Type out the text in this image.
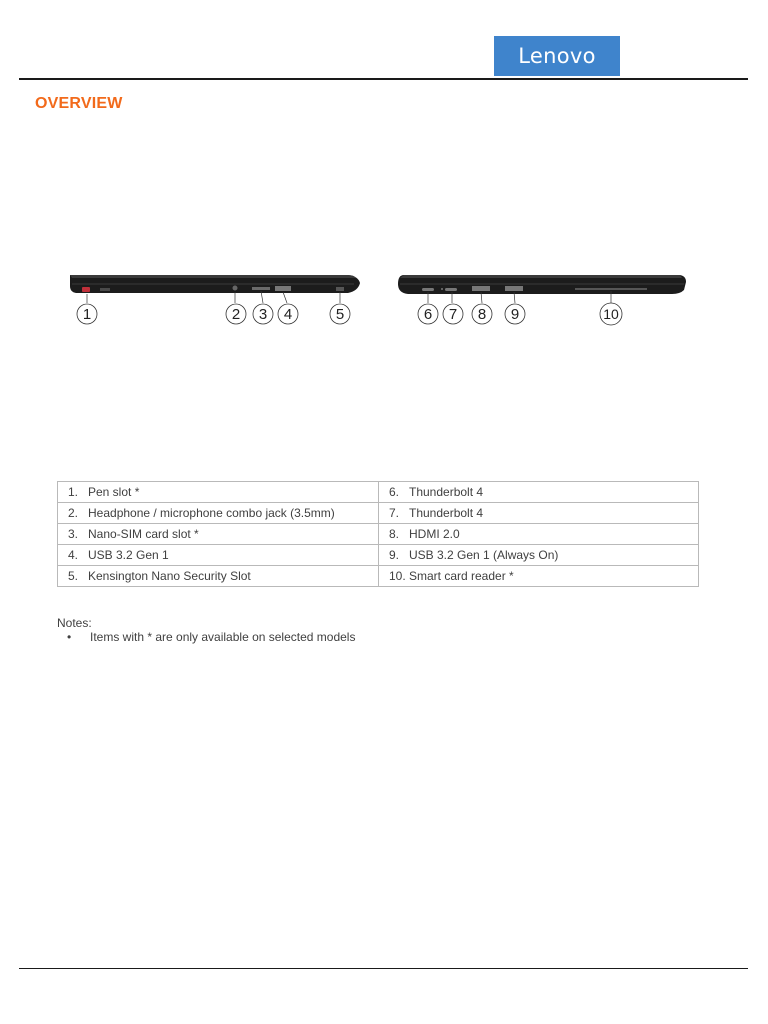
Lenovo
OVERVIEW
1	2 3 4	5	6 7 8 9	10
1. Pen slot *	6. Thunderbolt 4
2. Headphone / microphone combo jack (3.5mm)	7. Thunderbolt 4
3. Nano-SIM card slot *	8. HDMI 2.0
4. USB 3.2 Gen 1	9. USB 3.2 Gen 1 (Always On)
5. Kensington Nano Security Slot	10. Smart card reader *
Notes:
• Items with * are only available on selected models
